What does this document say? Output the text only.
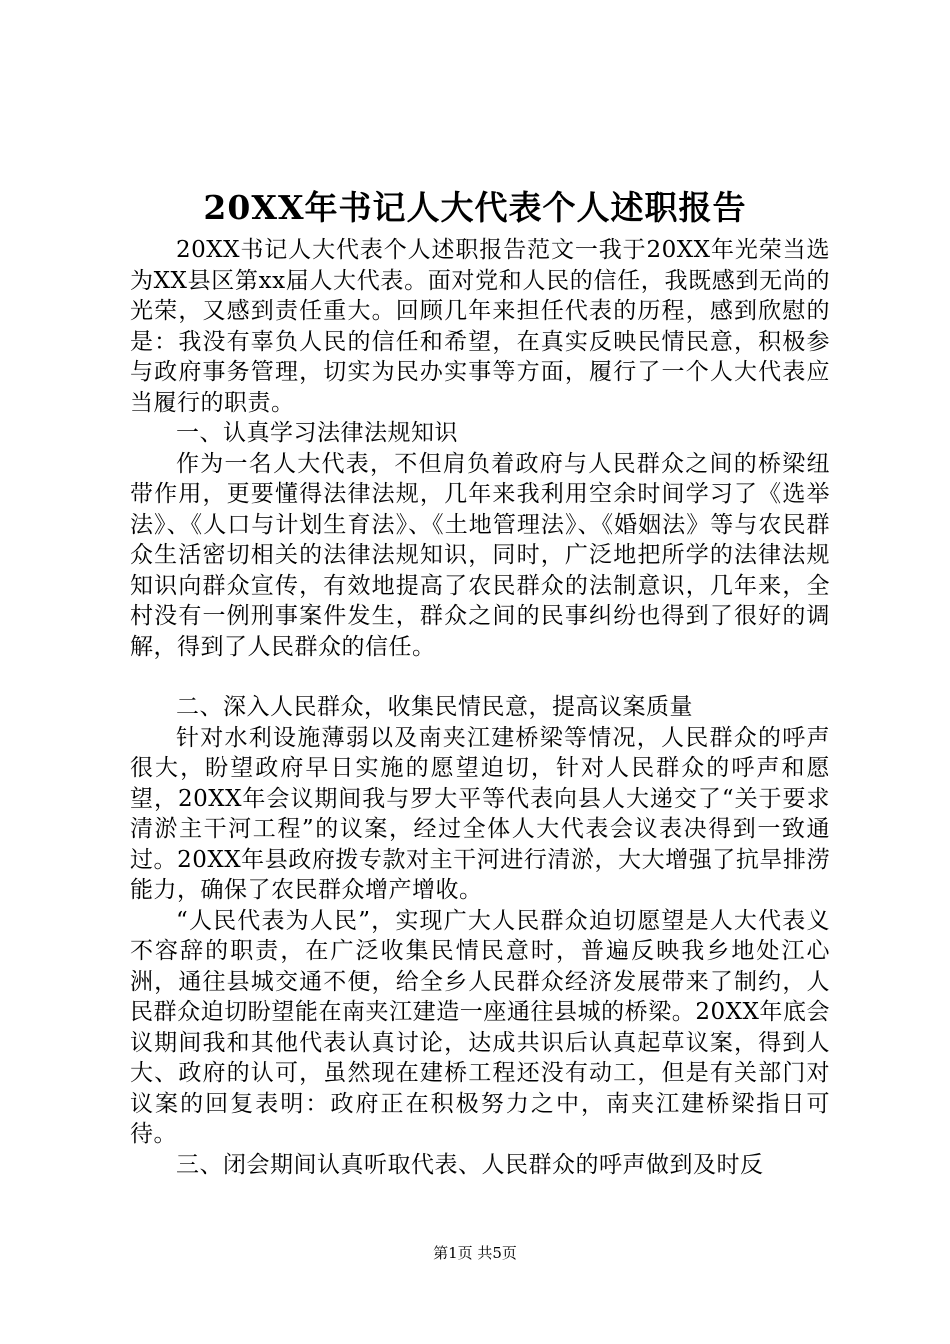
20XX年书记人大代表个人述职报告

20XX书记人大代表个人述职报告范文一我于20XX年光荣当选为XX县区第xx届人大代表。面对党和人民的信任，我既感到无尚的光荣，又感到责任重大。回顾几年来担任代表的历程，感到欣慰的是：我没有辜负人民的信任和希望，在真实反映民情民意，积极参与政府事务管理，切实为民办实事等方面，履行了一个人大代表应当履行的职责。

一、认真学习法律法规知识

作为一名人大代表，不但肩负着政府与人民群众之间的桥梁纽带作用，更要懂得法律法规，几年来我利用空余时间学习了《选举法》、《人口与计划生育法》、《土地管理法》、《婚姻法》等与农民群众生活密切相关的法律法规知识，同时，广泛地把所学的法律法规知识向群众宣传，有效地提高了农民群众的法制意识，几年来，全村没有一例刑事案件发生，群众之间的民事纠纷也得到了很好的调解，得到了人民群众的信任。

二、深入人民群众，收集民情民意，提高议案质量

针对水利设施薄弱以及南夹江建桥梁等情况，人民群众的呼声很大，盼望政府早日实施的愿望迫切，针对人民群众的呼声和愿望，20XX年会议期间我与罗大平等代表向县人大递交了“关于要求清淤主干河工程”的议案，经过全体人大代表会议表决得到一致通过。20XX年县政府拨专款对主干河进行清淤，大大增强了抗旱排涝能力，确保了农民群众增产增收。

“人民代表为人民”，实现广大人民群众迫切愿望是人大代表义不容辞的职责，在广泛收集民情民意时，普遍反映我乡地处江心洲，通往县城交通不便，给全乡人民群众经济发展带来了制约，人民群众迫切盼望能在南夹江建造一座通往县城的桥梁。20XX年底会议期间我和其他代表认真讨论，达成共识后认真起草议案，得到人大、政府的认可，虽然现在建桥工程还没有动工，但是有关部门对议案的回复表明：政府正在积极努力之中，南夹江建桥梁指日可待。

三、闭会期间认真听取代表、人民群众的呼声做到及时反

第1页 共5页
